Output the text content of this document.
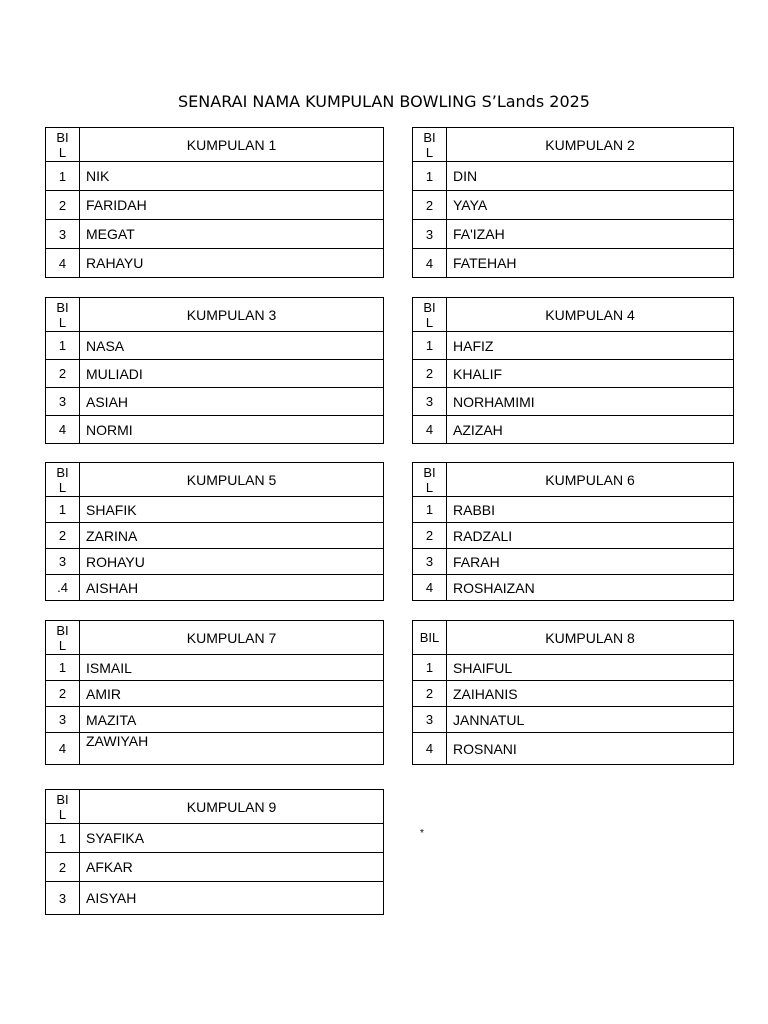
SENARAI NAMA KUMPULAN BOWLING S’Lands 2025
BI
L	KUMPULAN 1
1	NIK
2	FARIDAH
3	MEGAT
4	RAHAYU
BI
L	KUMPULAN 2
1	DIN
2	YAYA
3	FA'IZAH
4	FATEHAH
BI
L	KUMPULAN 3
1	NASA
2	MULIADI
3	ASIAH
4	NORMI
BI
L	KUMPULAN 4
1	HAFIZ
2	KHALIF
3	NORHAMIMI
4	AZIZAH
BI
L	KUMPULAN 5
1	SHAFIK
2	ZARINA
3	ROHAYU
.4	AISHAH
BI
L	KUMPULAN 6
1	RABBI
2	RADZALI
3	FARAH
4	ROSHAIZAN
BI
L	KUMPULAN 7
1	ISMAIL
2	AMIR
3	MAZITA
4	ZAWIYAH
BIL	KUMPULAN 8
1	SHAIFUL
2	ZAIHANIS
3	JANNATUL
4	ROSNANI
BI
L	KUMPULAN 9
1	SYAFIKA
2	AFKAR
3	AISYAH
*
